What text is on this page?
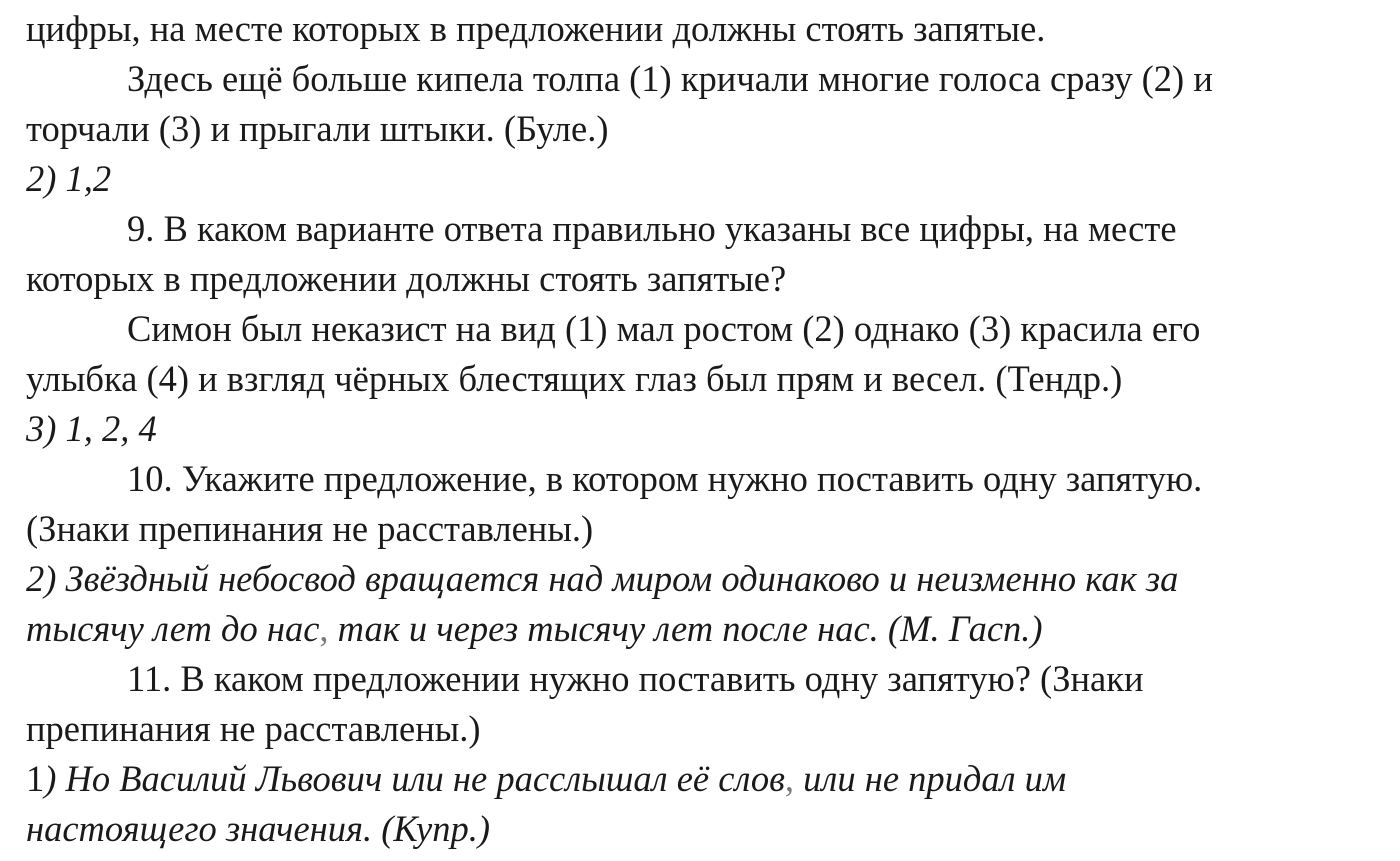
цифры, на месте которых в предложении должны стоять запятые.
Здесь ещё больше кипела толпа (1) кричали многие голоса сразу (2) и
торчали (3) и прыгали штыки. (Буле.)
2) 1,2
9. В каком варианте ответа правильно указаны все цифры, на месте
которых в предложении должны стоять запятые?
Симон был неказист на вид (1) мал ростом (2) однако (3) красила его
улыбка (4) и взгляд чёрных блестящих глаз был прям и весел. (Тендр.)
3) 1, 2, 4
10. Укажите предложение, в котором нужно поставить одну запятую.
(Знаки препинания не расставлены.)
2) Звёздный небосвод вращается над миром одинаково и неизменно как за
тысячу лет до нас, так и через тысячу лет после нас. (М. Гасп.)
11. В каком предложении нужно поставить одну запятую? (Знаки
препинания не расставлены.)
1) Но Василий Львович или не расслышал её слов, или не придал им
настоящего значения. (Купр.)
